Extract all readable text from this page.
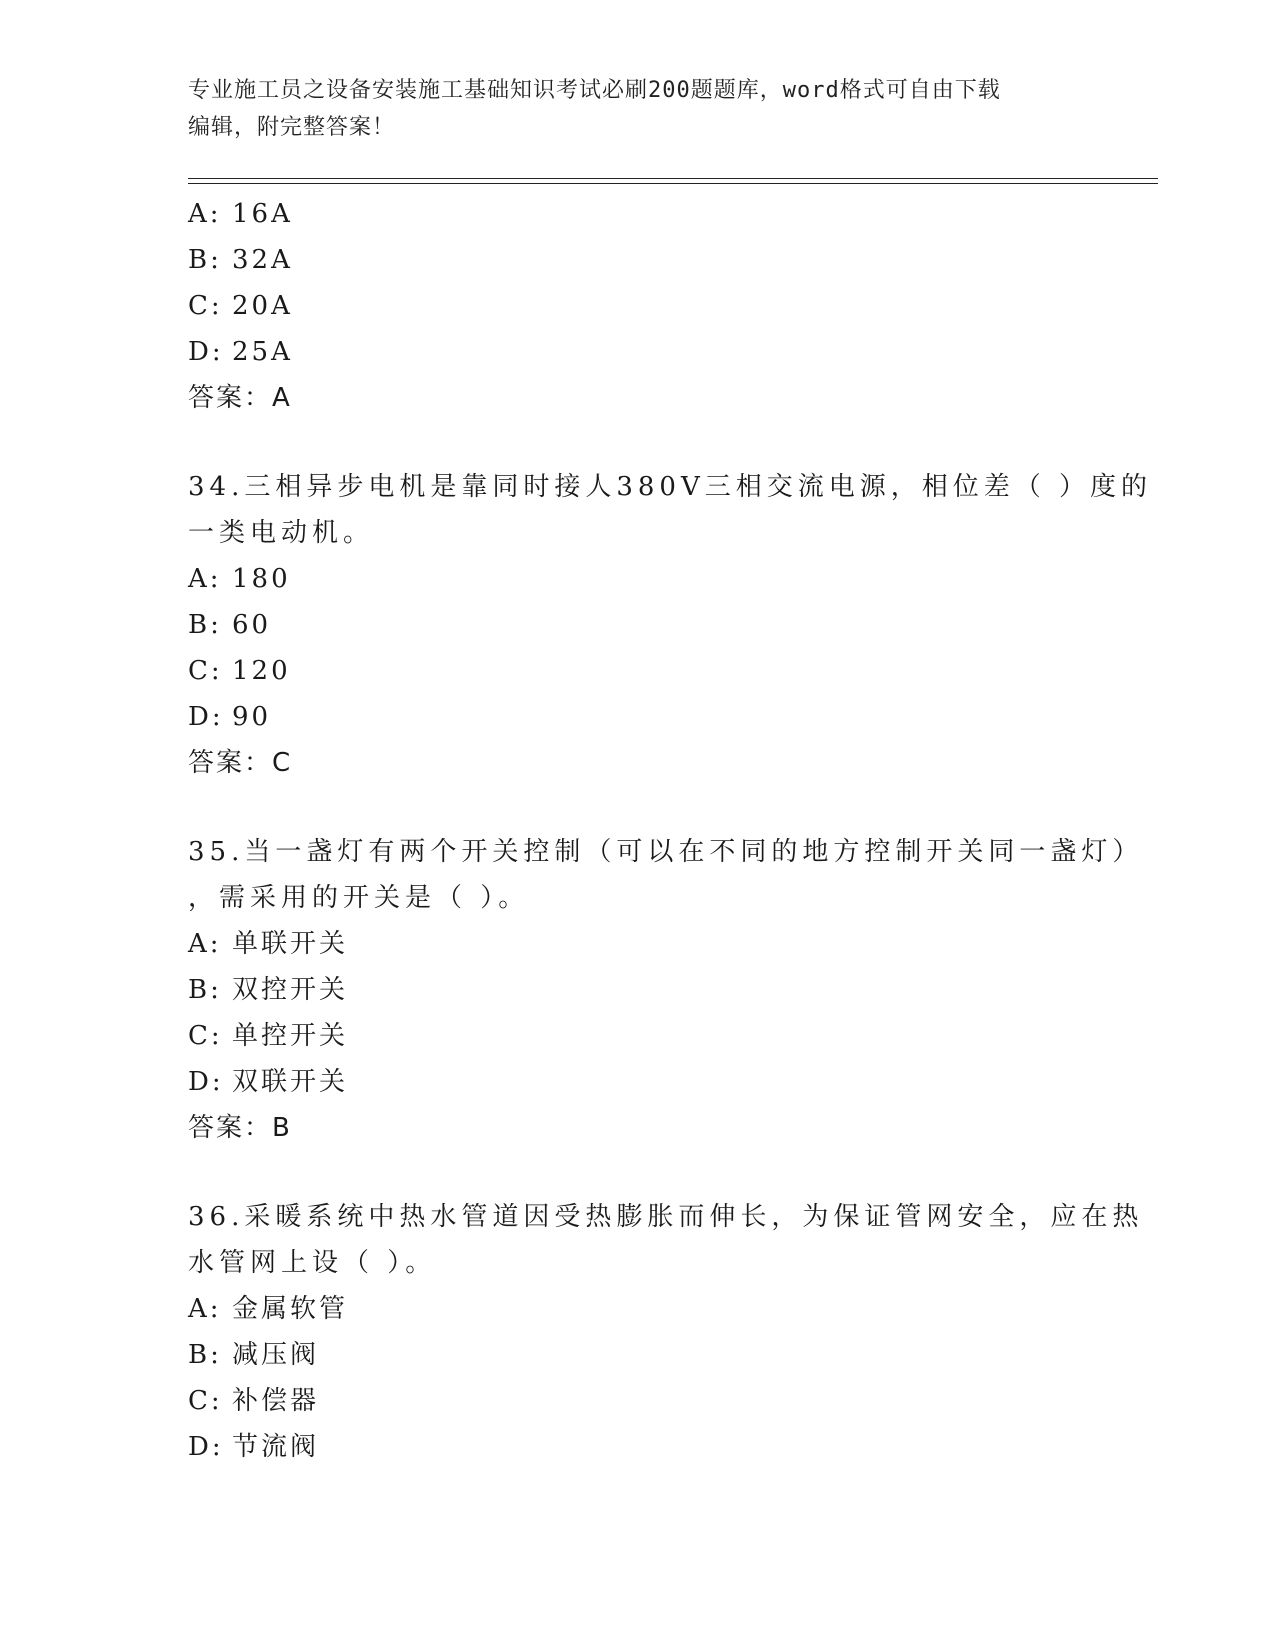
专业施工员之设备安装施工基础知识考试必刷200题题库，word格式可自由下载
编辑，附完整答案！
A: 16A
B: 32A
C: 20A
D: 25A
答案：A
34.三相异步电机是靠同时接人380V三相交流电源，相位差（ ）度的
一类电动机。
A: 180
B: 60
C: 120
D: 90
答案：C
35.当一盏灯有两个开关控制（可以在不同的地方控制开关同一盏灯）
，需采用的开关是（ ）。
A: 单联开关
B: 双控开关
C: 单控开关
D: 双联开关
答案：B
36.采暖系统中热水管道因受热膨胀而伸长，为保证管网安全，应在热
水管网上设（ ）。
A: 金属软管
B: 减压阀
C: 补偿器
D: 节流阀
